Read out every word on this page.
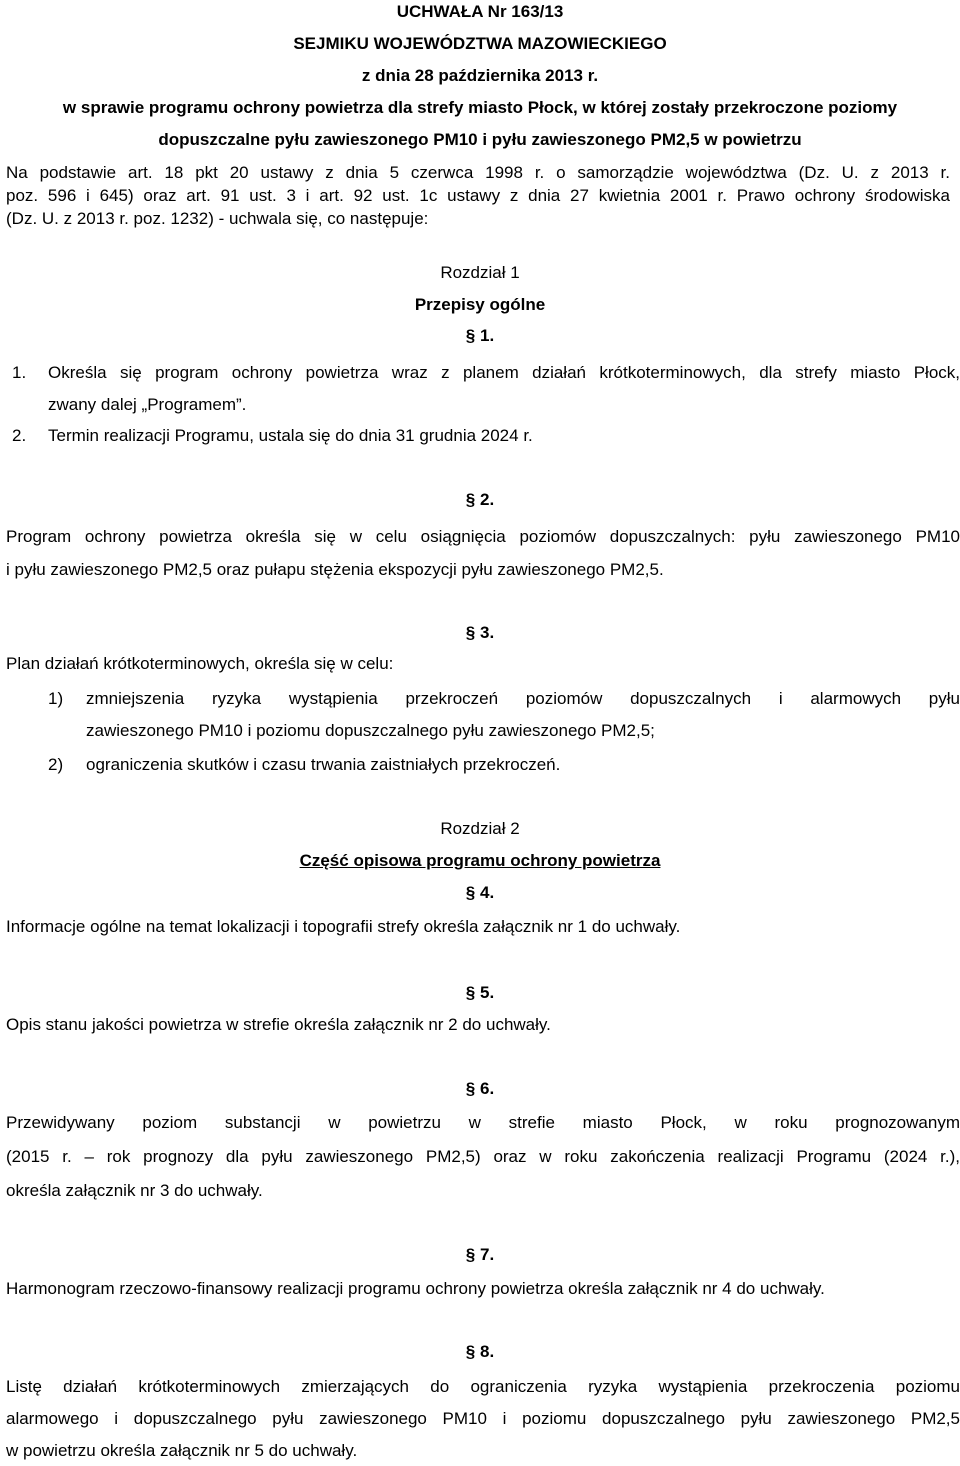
UCHWAŁA Nr 163/13
SEJMIKU WOJEWÓDZTWA MAZOWIECKIEGO
z dnia 28 października 2013 r.
w sprawie programu ochrony powietrza dla strefy miasto Płock, w której zostały przekroczone poziomy
dopuszczalne pyłu zawieszonego PM10 i pyłu zawieszonego PM2,5 w powietrzu
Na podstawie art. 18 pkt 20 ustawy z dnia 5 czerwca 1998 r. o samorządzie województwa (Dz. U. z 2013 r.
poz. 596 i 645) oraz art. 91 ust. 3 i art. 92 ust. 1c ustawy z dnia 27 kwietnia 2001 r. Prawo ochrony środowiska
(Dz. U. z 2013 r. poz. 1232) - uchwala się, co następuje:
Rozdział 1
Przepisy ogólne
§ 1.
1. Określa się program ochrony powietrza wraz z planem działań krótkoterminowych, dla strefy miasto Płock,
zwany dalej „Programem”.
2. Termin realizacji Programu, ustala się do dnia 31 grudnia 2024 r.
§ 2.
Program ochrony powietrza określa się w celu osiągnięcia poziomów dopuszczalnych: pyłu zawieszonego PM10
i pyłu zawieszonego PM2,5 oraz pułapu stężenia ekspozycji pyłu zawieszonego PM2,5.
§ 3.
Plan działań krótkoterminowych, określa się w celu:
1) zmniejszenia ryzyka wystąpienia przekroczeń poziomów dopuszczalnych i alarmowych pyłu
zawieszonego PM10 i poziomu dopuszczalnego pyłu zawieszonego PM2,5;
2) ograniczenia skutków i czasu trwania zaistniałych przekroczeń.
Rozdział 2
Część opisowa programu ochrony powietrza
§ 4.
Informacje ogólne na temat lokalizacji i topografii strefy określa załącznik nr 1 do uchwały.
§ 5.
Opis stanu jakości powietrza w strefie określa załącznik nr 2 do uchwały.
§ 6.
Przewidywany poziom substancji w powietrzu w strefie miasto Płock, w roku prognozowanym
(2015 r. – rok prognozy dla pyłu zawieszonego PM2,5) oraz w roku zakończenia realizacji Programu (2024 r.),
określa załącznik nr 3 do uchwały.
§ 7.
Harmonogram rzeczowo-finansowy realizacji programu ochrony powietrza określa załącznik nr 4 do uchwały.
§ 8.
Listę działań krótkoterminowych zmierzających do ograniczenia ryzyka wystąpienia przekroczenia poziomu
alarmowego i dopuszczalnego pyłu zawieszonego PM10 i poziomu dopuszczalnego pyłu zawieszonego PM2,5
w powietrzu określa załącznik nr 5 do uchwały.
